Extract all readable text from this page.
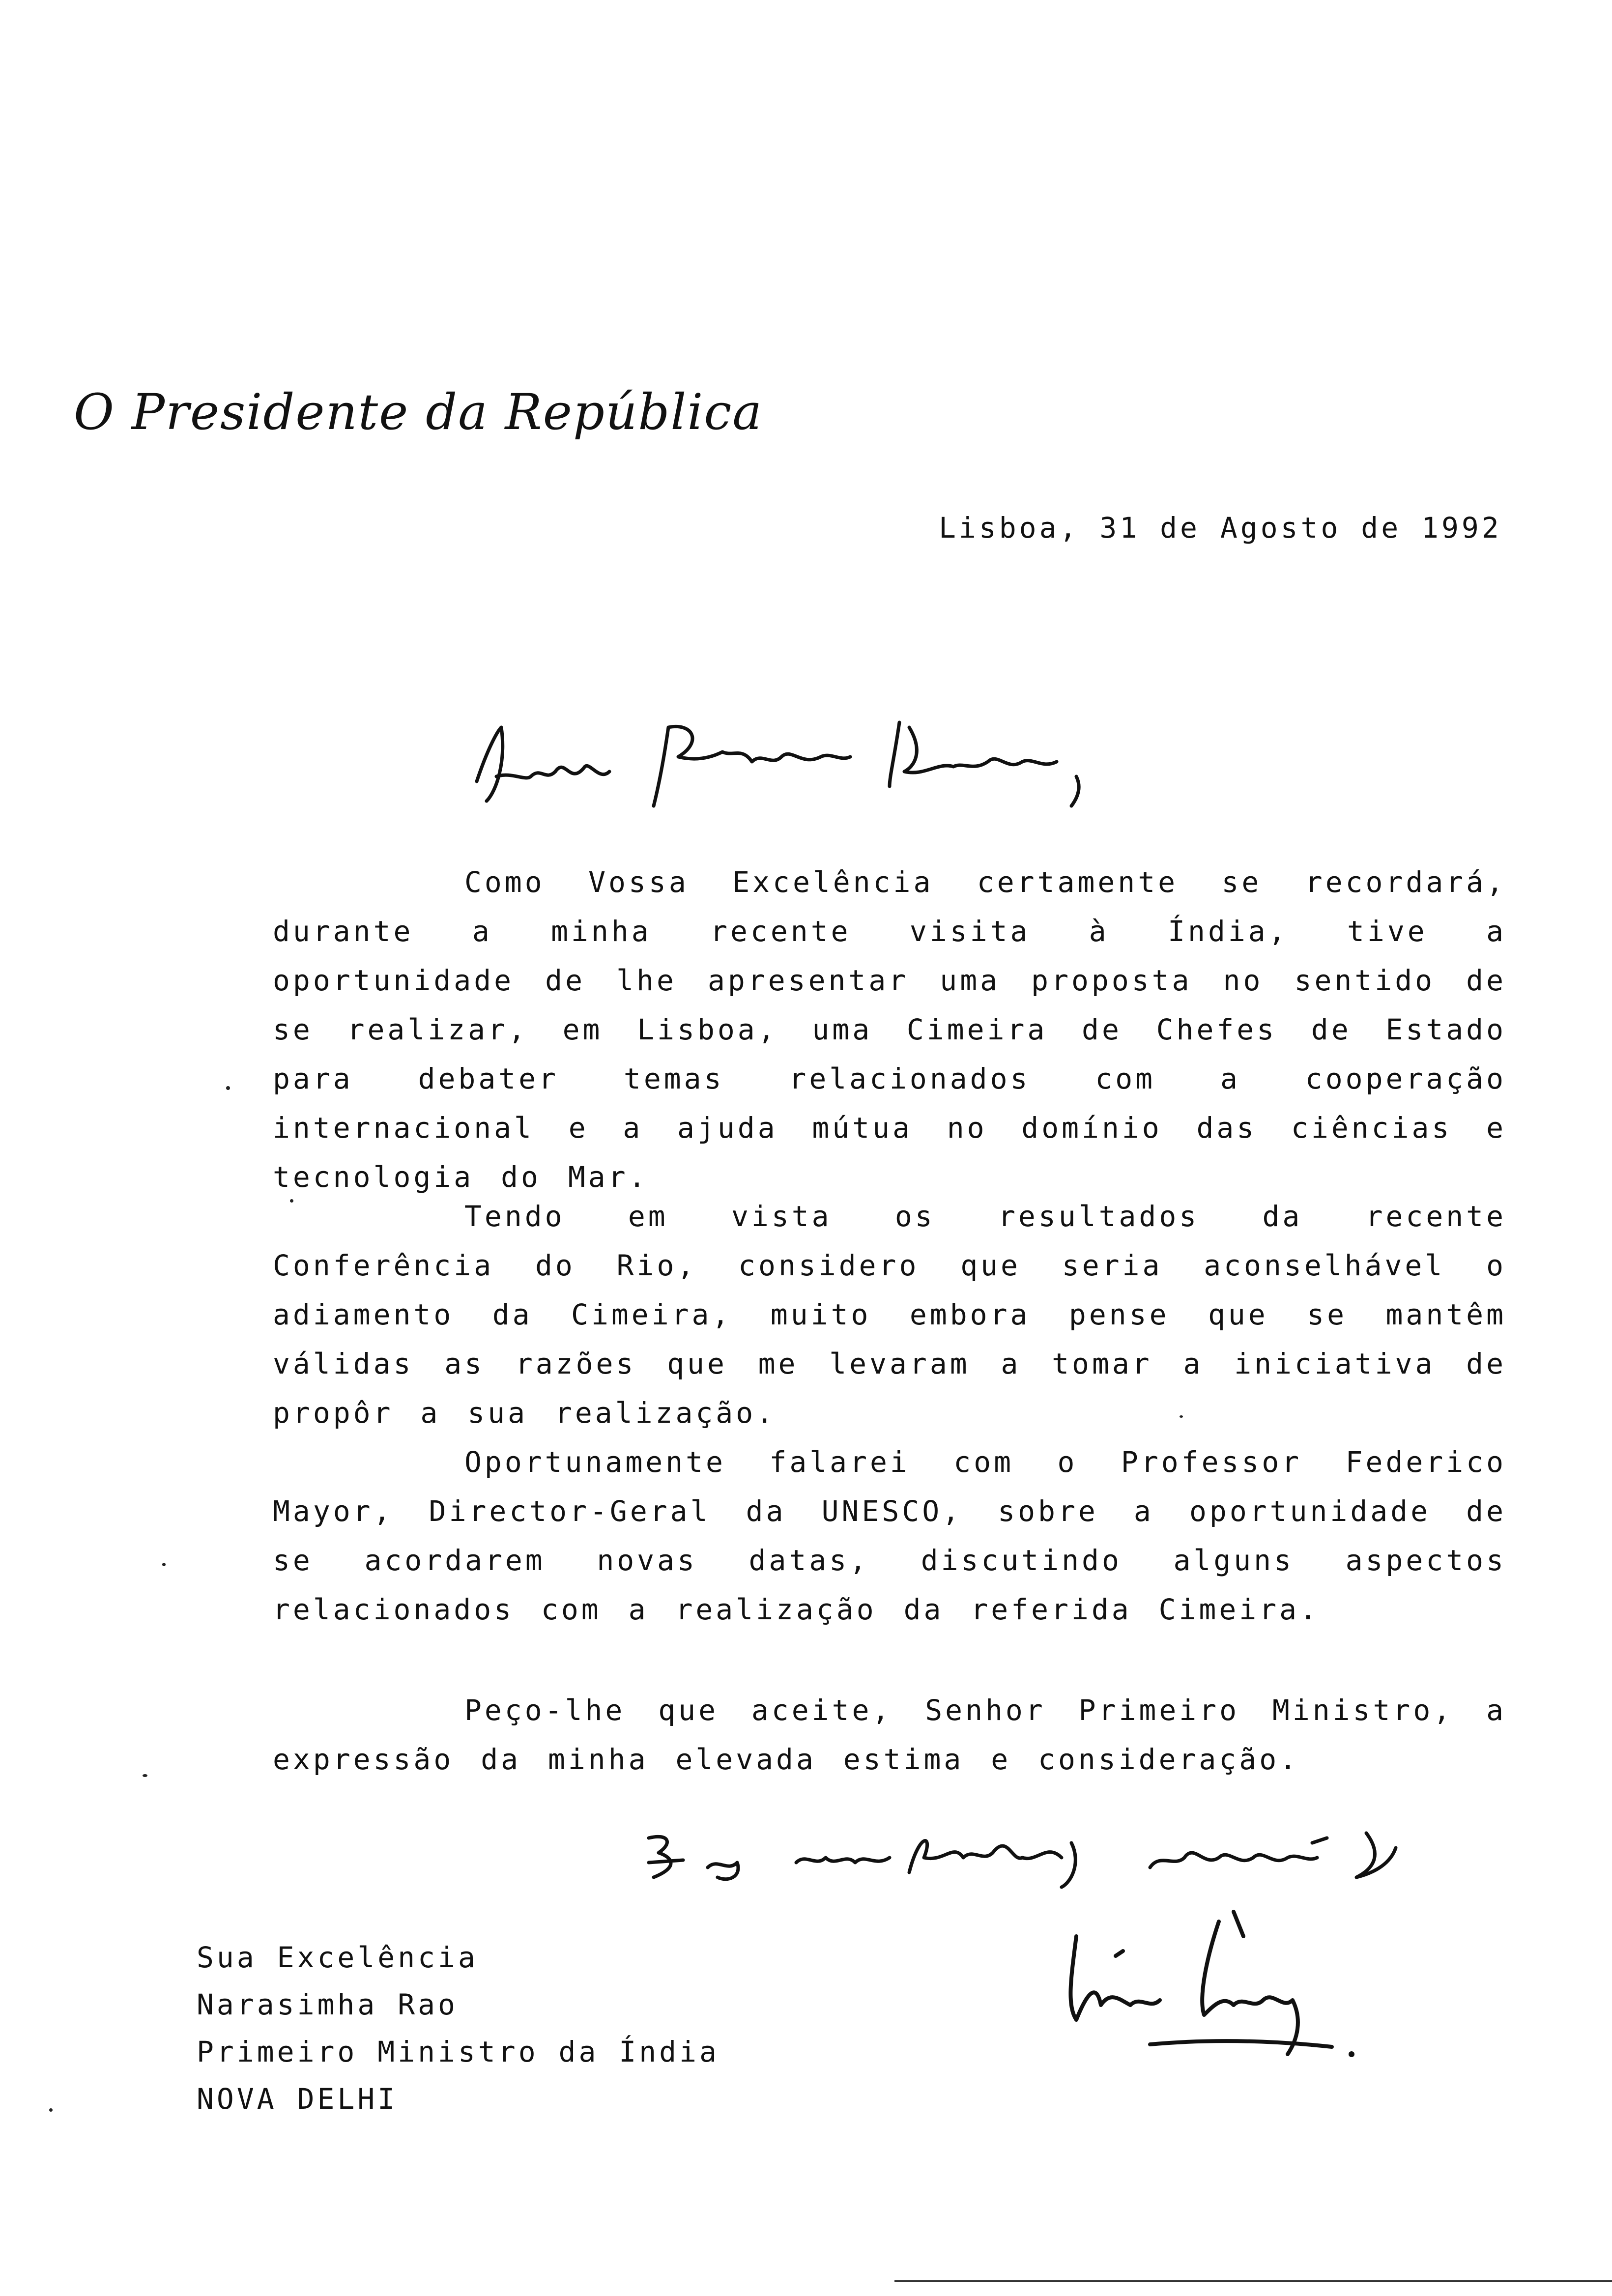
O Presidente da República
Lisboa, 31 de Agosto de 1992

Como Vossa Excelência certamente se recordará, durante a minha recente visita à Índia, tive a oportunidade de lhe apresentar uma proposta no sentido de se realizar, em Lisboa, uma Cimeira de Chefes de Estado para debater temas relacionados com a cooperação internacional e a ajuda mútua no domínio das ciências e tecnologia do Mar.

Tendo em vista os resultados da recente Conferência do Rio, considero que seria aconselhável o adiamento da Cimeira, muito embora pense que se mantêm válidas as razões que me levaram a tomar a iniciativa de propôr a sua realização.

Oportunamente falarei com o Professor Federico Mayor, Director-Geral da UNESCO, sobre a oportunidade de se acordarem novas datas, discutindo alguns aspectos relacionados com a realização da referida Cimeira.

Peço-lhe que aceite, Senhor Primeiro Ministro, a expressão da minha elevada estima e consideração.

Sua Excelência
Narasimha Rao
Primeiro Ministro da Índia
NOVA DELHI
